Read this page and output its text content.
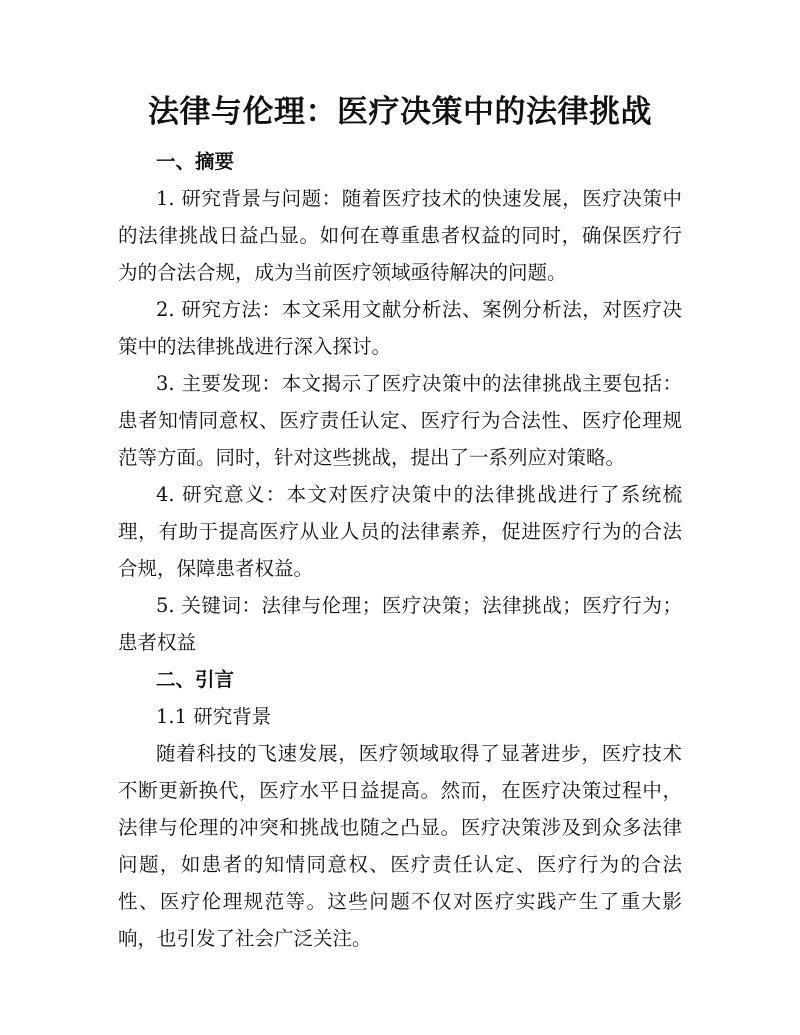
法律与伦理：医疗决策中的法律挑战

一、摘要

1. 研究背景与问题：随着医疗技术的快速发展，医疗决策中的法律挑战日益凸显。如何在尊重患者权益的同时，确保医疗行为的合法合规，成为当前医疗领域亟待解决的问题。

2. 研究方法：本文采用文献分析法、案例分析法，对医疗决策中的法律挑战进行深入探讨。

3. 主要发现：本文揭示了医疗决策中的法律挑战主要包括：患者知情同意权、医疗责任认定、医疗行为合法性、医疗伦理规范等方面。同时，针对这些挑战，提出了一系列应对策略。

4. 研究意义：本文对医疗决策中的法律挑战进行了系统梳理，有助于提高医疗从业人员的法律素养，促进医疗行为的合法合规，保障患者权益。

5. 关键词：法律与伦理；医疗决策；法律挑战；医疗行为；患者权益

二、引言

1.1 研究背景

随着科技的飞速发展，医疗领域取得了显著进步，医疗技术不断更新换代，医疗水平日益提高。然而，在医疗决策过程中，法律与伦理的冲突和挑战也随之凸显。医疗决策涉及到众多法律问题，如患者的知情同意权、医疗责任认定、医疗行为的合法性、医疗伦理规范等。这些问题不仅对医疗实践产生了重大影响，也引发了社会广泛关注。
